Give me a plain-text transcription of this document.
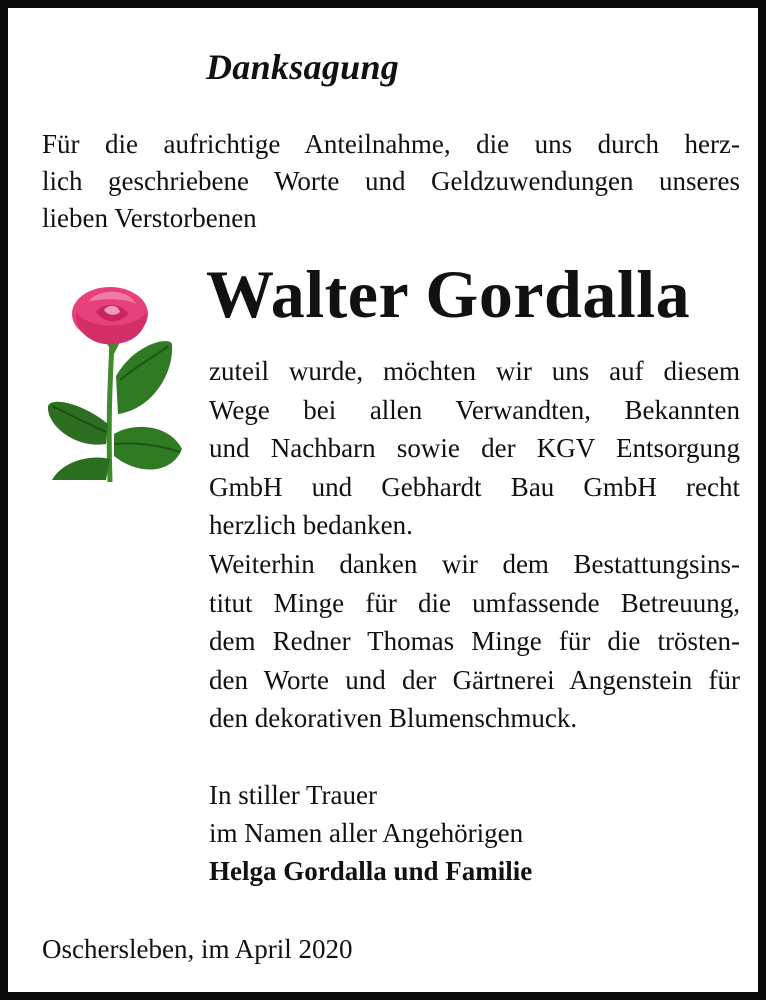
Danksagung
Für die aufrichtige Anteilnahme, die uns durch herz-
lich geschriebene Worte und Geldzuwendungen unseres
lieben Verstorbenen
Walter Gordalla
zuteil wurde, möchten wir uns auf diesem
Wege bei allen Verwandten, Bekannten
und Nachbarn sowie der KGV Entsorgung
GmbH und Gebhardt Bau GmbH recht
herzlich bedanken.
Weiterhin danken wir dem Bestattungsins-
titut Minge für die umfassende Betreuung,
dem Redner Thomas Minge für die trösten-
den Worte und der Gärtnerei Angenstein für
den dekorativen Blumenschmuck.
In stiller Trauer
im Namen aller Angehörigen
Helga Gordalla und Familie
Oschersleben, im April 2020
